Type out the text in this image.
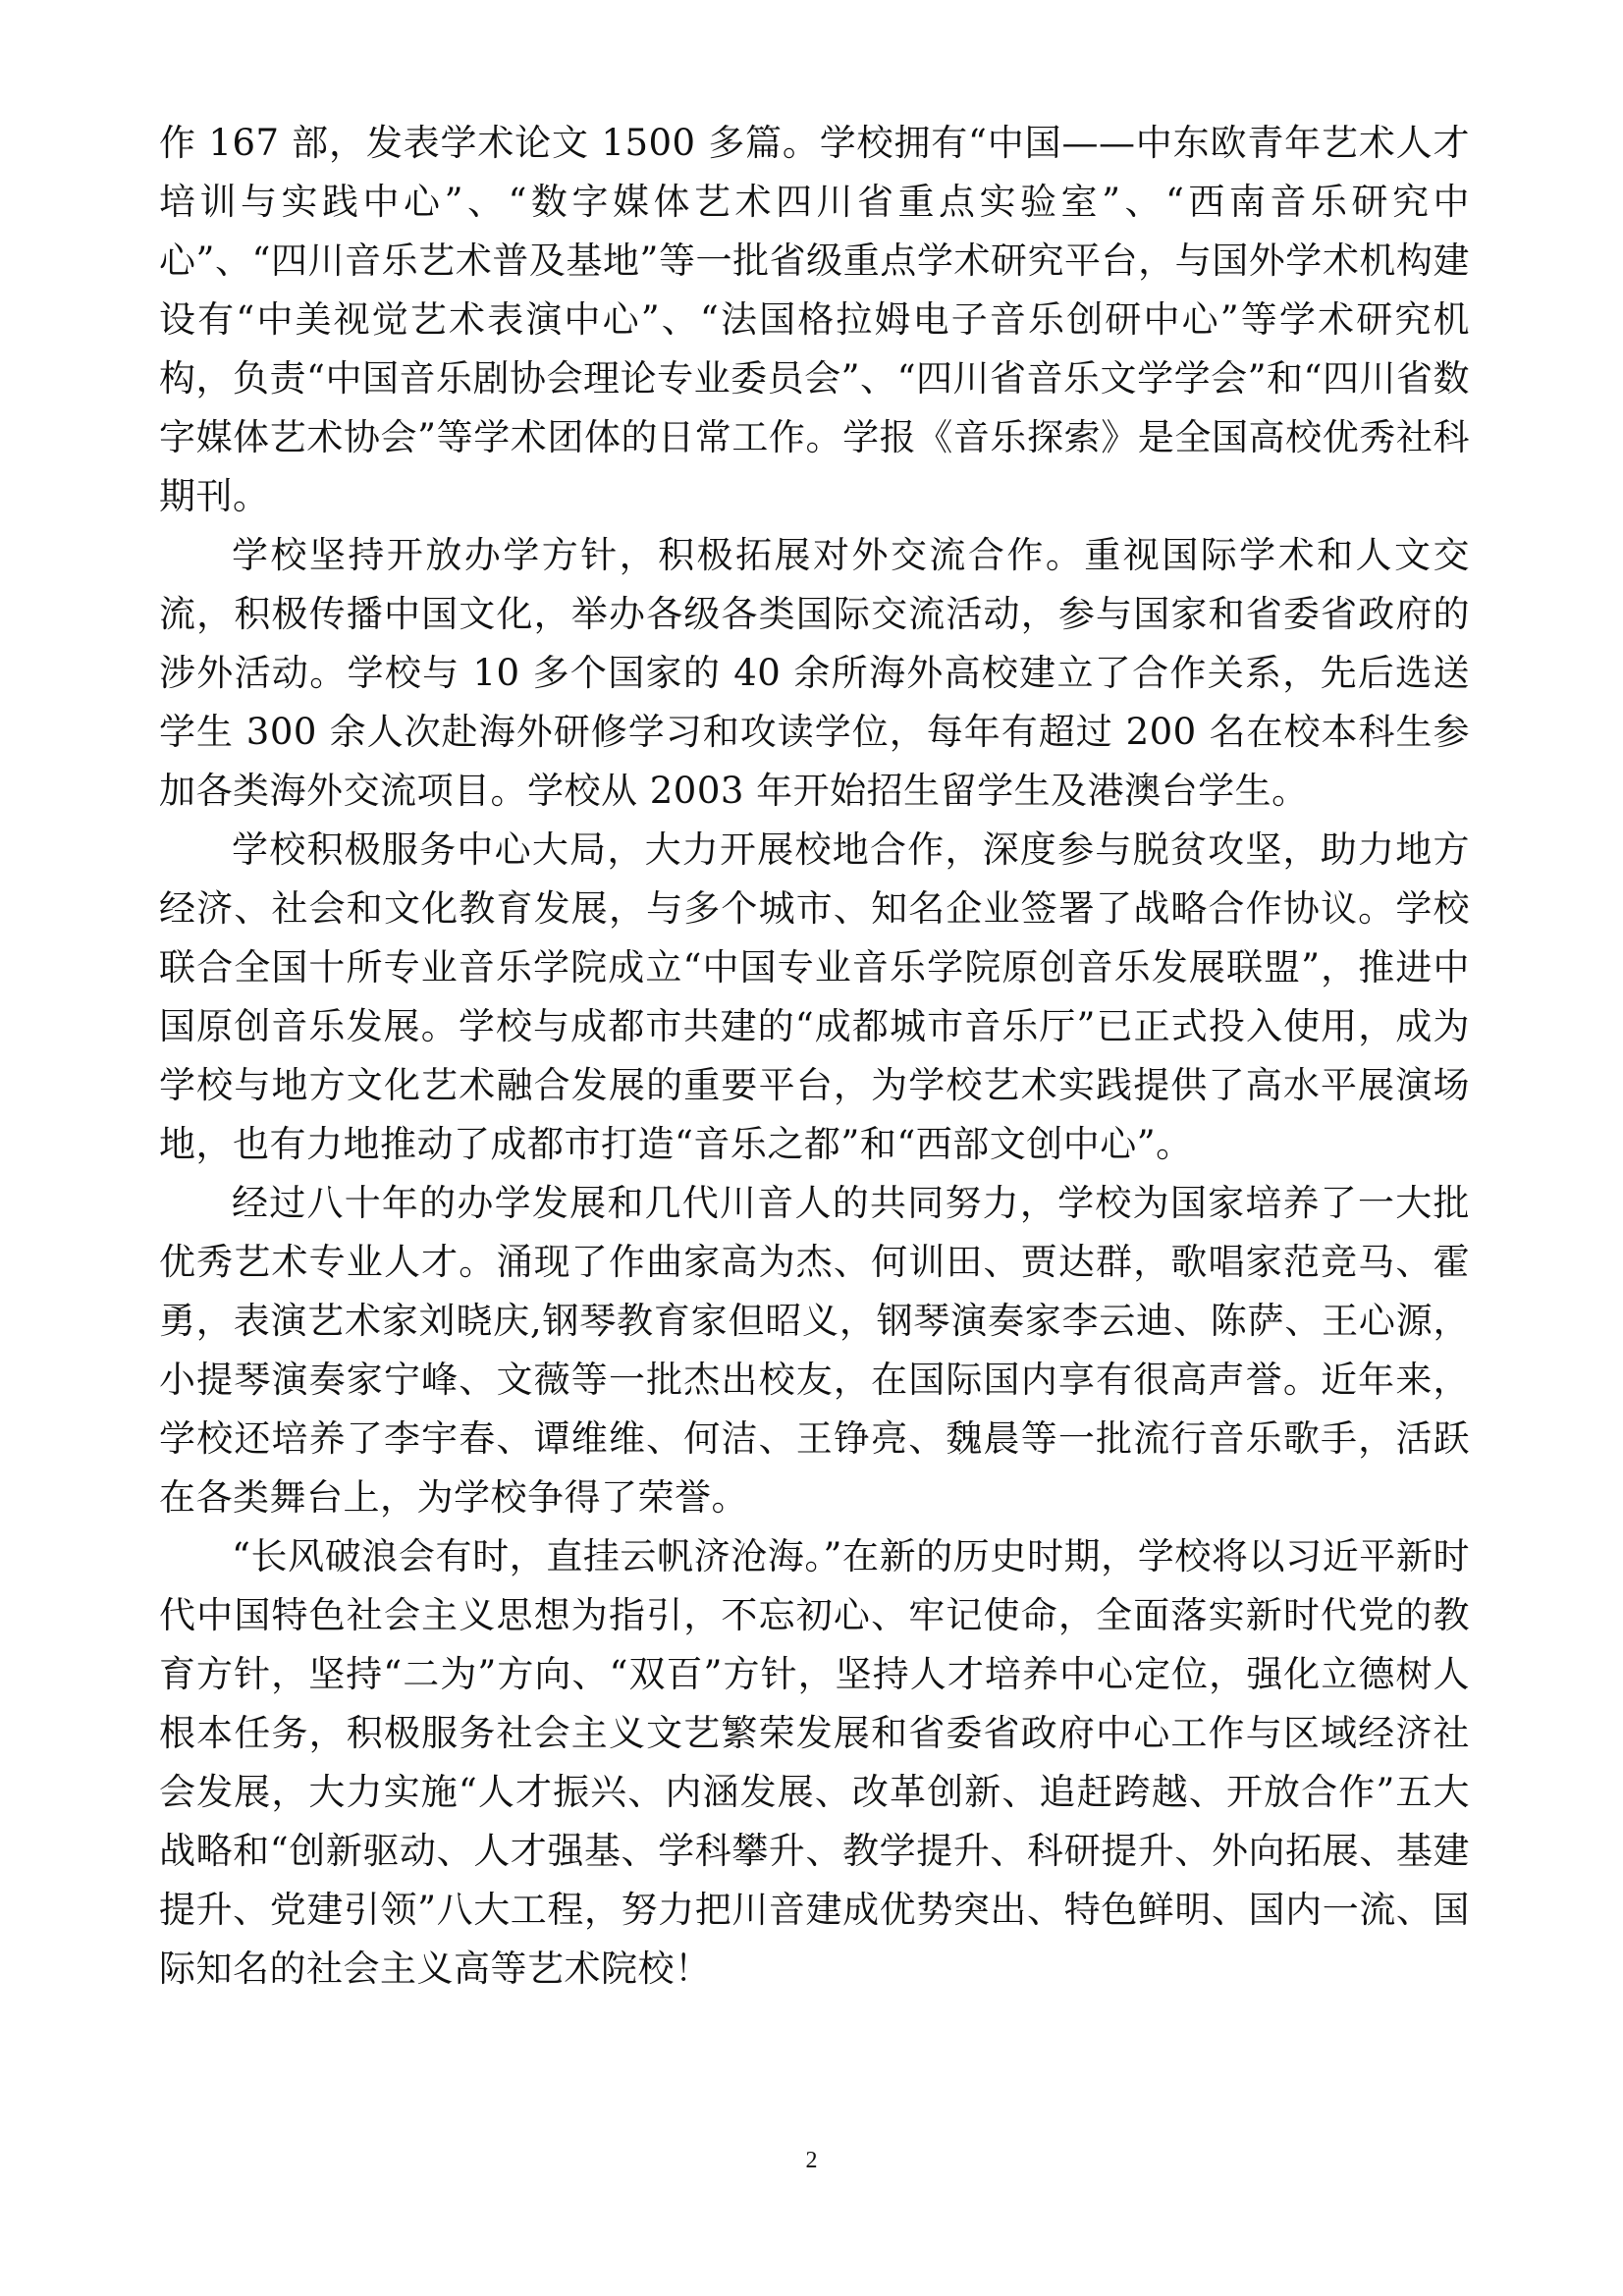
作 167 部，发表学术论文 1500 多篇。学校拥有“中国——中东欧青年艺术人才培训与实践中心”、“数字媒体艺术四川省重点实验室”、“西南音乐研究中心”、“四川音乐艺术普及基地”等一批省级重点学术研究平台，与国外学术机构建设有“中美视觉艺术表演中心”、“法国格拉姆电子音乐创研中心”等学术研究机构，负责“中国音乐剧协会理论专业委员会”、“四川省音乐文学学会”和“四川省数字媒体艺术协会”等学术团体的日常工作。学报《音乐探索》是全国高校优秀社科期刊。

学校坚持开放办学方针，积极拓展对外交流合作。重视国际学术和人文交流，积极传播中国文化，举办各级各类国际交流活动，参与国家和省委省政府的涉外活动。学校与 10 多个国家的 40 余所海外高校建立了合作关系，先后选送学生 300 余人次赴海外研修学习和攻读学位，每年有超过 200 名在校本科生参加各类海外交流项目。学校从 2003 年开始招生留学生及港澳台学生。

学校积极服务中心大局，大力开展校地合作，深度参与脱贫攻坚，助力地方经济、社会和文化教育发展，与多个城市、知名企业签署了战略合作协议。学校联合全国十所专业音乐学院成立“中国专业音乐学院原创音乐发展联盟”，推进中国原创音乐发展。学校与成都市共建的“成都城市音乐厅”已正式投入使用，成为学校与地方文化艺术融合发展的重要平台，为学校艺术实践提供了高水平展演场地，也有力地推动了成都市打造“音乐之都”和“西部文创中心”。

经过八十年的办学发展和几代川音人的共同努力，学校为国家培养了一大批优秀艺术专业人才。涌现了作曲家高为杰、何训田、贾达群，歌唱家范竞马、霍勇，表演艺术家刘晓庆,钢琴教育家但昭义，钢琴演奏家李云迪、陈萨、王心源，小提琴演奏家宁峰、文薇等一批杰出校友，在国际国内享有很高声誉。近年来，学校还培养了李宇春、谭维维、何洁、王铮亮、魏晨等一批流行音乐歌手，活跃在各类舞台上，为学校争得了荣誉。

“长风破浪会有时，直挂云帆济沧海。”在新的历史时期，学校将以习近平新时代中国特色社会主义思想为指引，不忘初心、牢记使命，全面落实新时代党的教育方针，坚持“二为”方向、“双百”方针，坚持人才培养中心定位，强化立德树人根本任务，积极服务社会主义文艺繁荣发展和省委省政府中心工作与区域经济社会发展，大力实施“人才振兴、内涵发展、改革创新、追赶跨越、开放合作”五大战略和“创新驱动、人才强基、学科攀升、教学提升、科研提升、外向拓展、基建提升、党建引领”八大工程，努力把川音建成优势突出、特色鲜明、国内一流、国际知名的社会主义高等艺术院校！

2
